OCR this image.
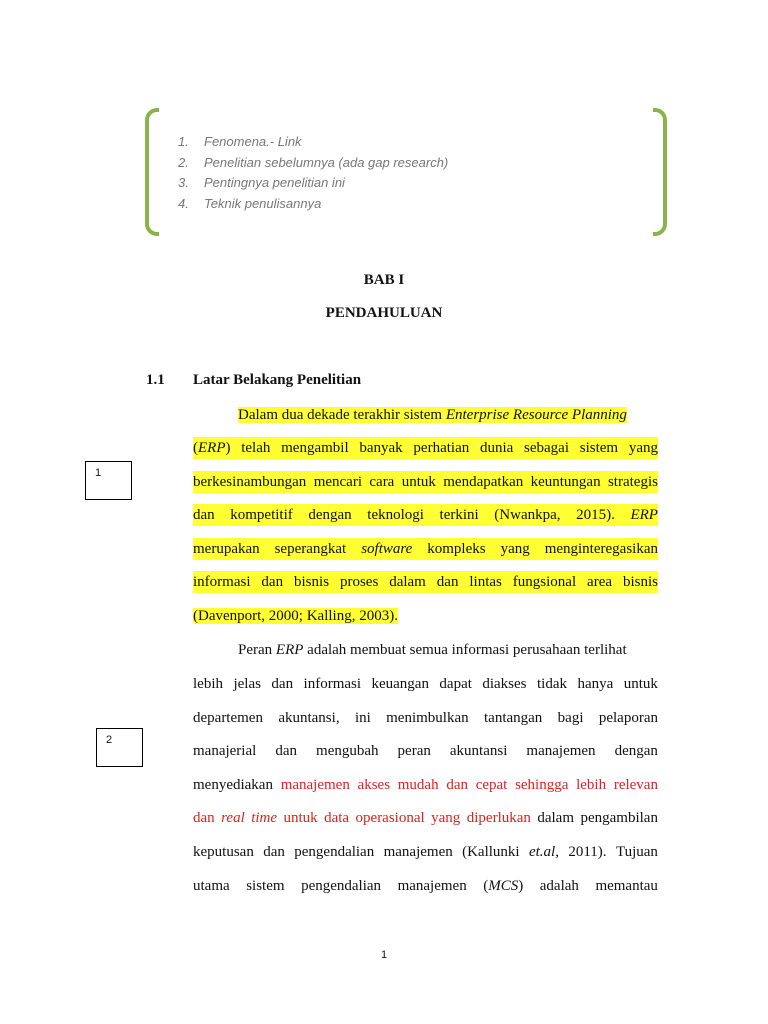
1. Fenomena.- Link
2. Penelitian sebelumnya (ada gap research)
3. Pentingnya penelitian ini
4. Teknik penulisannya
BAB I
PENDAHULUAN
1.1 Latar Belakang Penelitian
Dalam dua dekade terakhir sistem Enterprise Resource Planning
(ERP) telah mengambil banyak perhatian dunia sebagai sistem yang
berkesinambungan mencari cara untuk mendapatkan keuntungan strategis
dan kompetitif dengan teknologi terkini (Nwankpa, 2015). ERP
merupakan seperangkat software kompleks yang menginteregasikan
informasi dan bisnis proses dalam dan lintas fungsional area bisnis
(Davenport, 2000; Kalling, 2003).
Peran ERP adalah membuat semua informasi perusahaan terlihat
lebih jelas dan informasi keuangan dapat diakses tidak hanya untuk
departemen akuntansi, ini menimbulkan tantangan bagi pelaporan
manajerial dan mengubah peran akuntansi manajemen dengan
menyediakan manajemen akses mudah dan cepat sehingga lebih relevan
dan real time untuk data operasional yang diperlukan dalam pengambilan
keputusan dan pengendalian manajemen (Kallunki et.al, 2011). Tujuan
utama sistem pengendalian manajemen (MCS) adalah memantau
1
2
1
